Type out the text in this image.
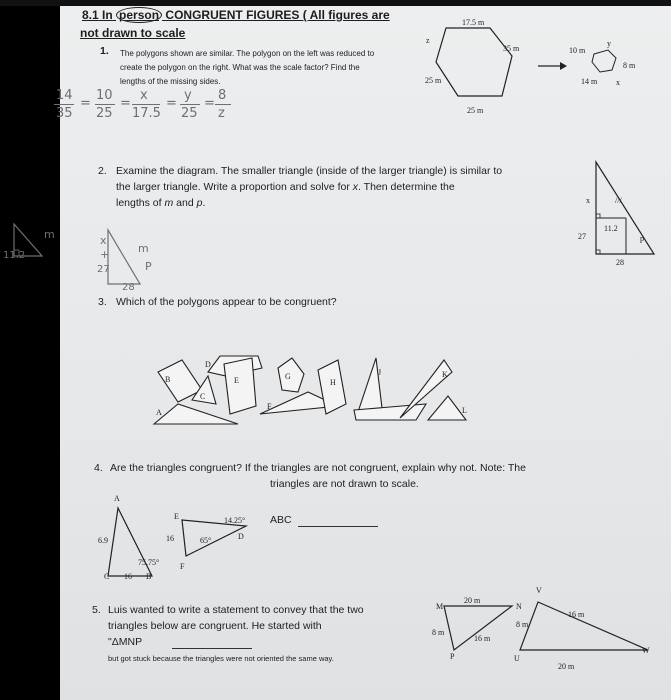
8.1 In person CONGRUENT FIGURES ( All figures are
not drawn to scale
1. The polygons shown are similar. The polygon on the left was reduced to
create the polygon on the right. What was the scale factor? Find the
lengths of the missing sides.
14
35
=
10
25
=
x
17.5
=
y
25
=
8
z
17.5 m
35 m
25 m
25 m
z
10 m
y
8 m
14 m x
2. Examine the diagram. The smaller triangle (inside of the larger triangle) is similar to
the larger triangle. Write a proportion and solve for x. Then determine the
lengths of m and p.	x	///
11.2
p
27
28
m
11.2
x
+
27
m
P
28
3. Which of the polygons appear to be congruent?
A
B
C
D
E
F
G
H
J	K
L
4. Are the triangles congruent? If the triangles are not congruent, explain why not. Note: The
triangles are not drawn to scale.
A
C	B
6.9
16
75.75°
E
D
F
16
14.25°
65°
ABC
5. Luis wanted to write a statement to convey that the two
triangles below are congruent. He started with
"ΔMNP
but got stuck because the triangles were not oriented the same way.
M	N
P
20 m
8 m
16 m
V
W
U
16 m
8 m
20 m
